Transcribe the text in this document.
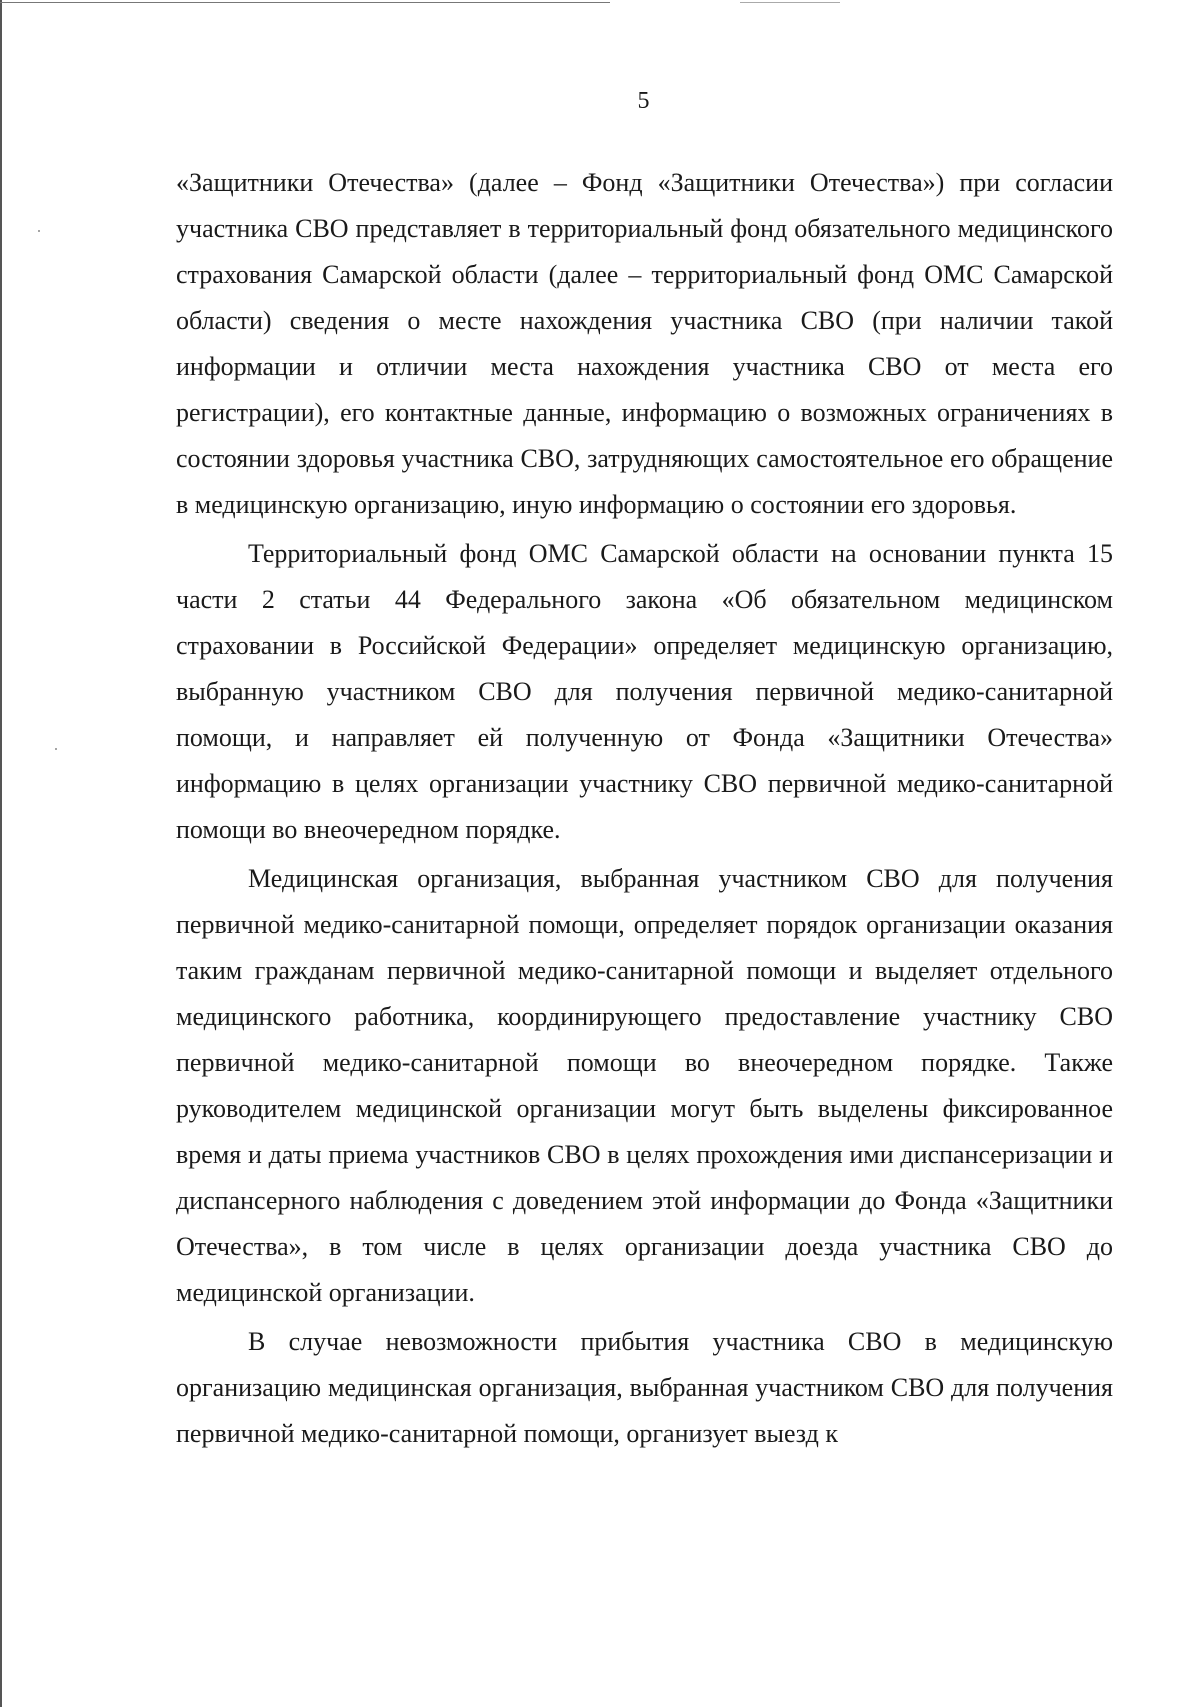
5

«Защитники Отечества» (далее – Фонд «Защитники Отечества») при согласии участника СВО представляет в территориальный фонд обязательного медицинского страхования Самарской области (далее – территориальный фонд ОМС Самарской области) сведения о месте нахождения участника СВО (при наличии такой информации и отличии места нахождения участника СВО от места его регистрации), его контактные данные, информацию о возможных ограничениях в состоянии здоровья участника СВО, затрудняющих самостоятельное его обращение в медицинскую организацию, иную информацию о состоянии его здоровья.

Территориальный фонд ОМС Самарской области на основании пункта 15 части 2 статьи 44 Федерального закона «Об обязательном медицинском страховании в Российской Федерации» определяет медицинскую организацию, выбранную участником СВО для получения первичной медико-санитарной помощи, и направляет ей полученную от Фонда «Защитники Отечества» информацию в целях организации участнику СВО первичной медико-санитарной помощи во внеочередном порядке.

Медицинская организация, выбранная участником СВО для получения первичной медико-санитарной помощи, определяет порядок организации оказания таким гражданам первичной медико-санитарной помощи и выделяет отдельного медицинского работника, координирующего предоставление участнику СВО первичной медико-санитарной помощи во внеочередном порядке. Также руководителем медицинской организации могут быть выделены фиксированное время и даты приема участников СВО в целях прохождения ими диспансеризации и диспансерного наблюдения с доведением этой информации до Фонда «Защитники Отечества», в том числе в целях организации доезда участника СВО до медицинской организации.

В случае невозможности прибытия участника СВО в медицинскую организацию медицинская организация, выбранная участником СВО для получения первичной медико-санитарной помощи, организует выезд к
